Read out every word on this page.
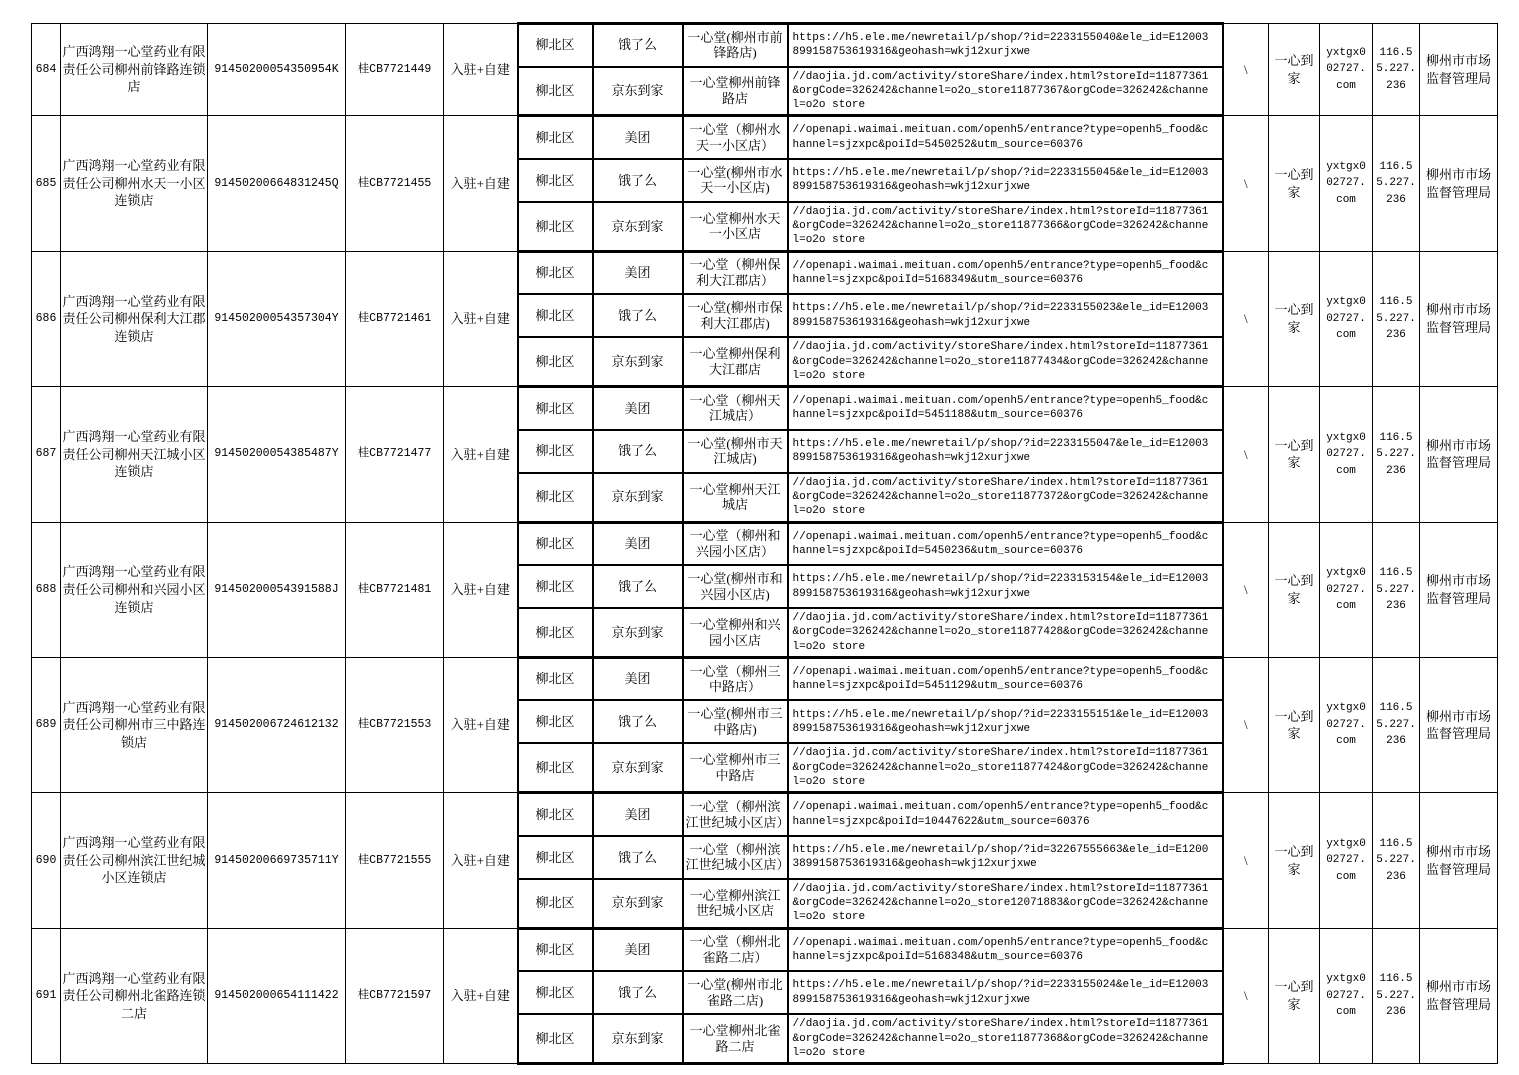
684	广西鸿翔一心堂药业有限责任公司柳州前锋路连锁店	91450200054350954K	桂CB7721449	入驻+自建	柳北区	饿了么	一心堂(柳州市前锋路店)	https://h5.ele.me/newretail/p/shop/?id=2233155040&ele_id=E12003899158753619316&geohash=wkj12xurjxwe	\	一心到家	yxtgx002727.com	116.55.227.236	柳州市市场监督管理局
					柳北区	京东到家	一心堂柳州前锋路店	//daojia.jd.com/activity/storeShare/index.html?storeId=11877361&orgCode=326242&channel=o2o_store11877367&orgCode=326242&channel=o2o store					
685	广西鸿翔一心堂药业有限责任公司柳州水天一小区连锁店	91450200664831245Q	桂CB7721455	入驻+自建	柳北区	美团	一心堂（柳州水天一小区店）	//openapi.waimai.meituan.com/openh5/entrance?type=openh5_food&channel=sjzxpc&poiId=5450252&utm_source=60376	\	一心到家	yxtgx002727.com	116.55.227.236	柳州市市场监督管理局
					柳北区	饿了么	一心堂(柳州市水天一小区店)	https://h5.ele.me/newretail/p/shop/?id=2233155045&ele_id=E12003899158753619316&geohash=wkj12xurjxwe					
					柳北区	京东到家	一心堂柳州水天一小区店	//daojia.jd.com/activity/storeShare/index.html?storeId=11877361&orgCode=326242&channel=o2o_store11877366&orgCode=326242&channel=o2o store					
686	广西鸿翔一心堂药业有限责任公司柳州保利大江郡连锁店	91450200054357304Y	桂CB7721461	入驻+自建	柳北区	美团	一心堂（柳州保利大江郡店）	//openapi.waimai.meituan.com/openh5/entrance?type=openh5_food&channel=sjzxpc&poiId=5168349&utm_source=60376	\	一心到家	yxtgx002727.com	116.55.227.236	柳州市市场监督管理局
					柳北区	饿了么	一心堂(柳州市保利大江郡店)	https://h5.ele.me/newretail/p/shop/?id=2233155023&ele_id=E12003899158753619316&geohash=wkj12xurjxwe					
					柳北区	京东到家	一心堂柳州保利大江郡店	//daojia.jd.com/activity/storeShare/index.html?storeId=11877361&orgCode=326242&channel=o2o_store11877434&orgCode=326242&channel=o2o store					
687	广西鸿翔一心堂药业有限责任公司柳州天江城小区连锁店	91450200054385487Y	桂CB7721477	入驻+自建	柳北区	美团	一心堂（柳州天江城店）	//openapi.waimai.meituan.com/openh5/entrance?type=openh5_food&channel=sjzxpc&poiId=5451188&utm_source=60376	\	一心到家	yxtgx002727.com	116.55.227.236	柳州市市场监督管理局
					柳北区	饿了么	一心堂(柳州市天江城店)	https://h5.ele.me/newretail/p/shop/?id=2233155047&ele_id=E12003899158753619316&geohash=wkj12xurjxwe					
					柳北区	京东到家	一心堂柳州天江城店	//daojia.jd.com/activity/storeShare/index.html?storeId=11877361&orgCode=326242&channel=o2o_store11877372&orgCode=326242&channel=o2o store					
688	广西鸿翔一心堂药业有限责任公司柳州和兴园小区连锁店	91450200054391588J	桂CB7721481	入驻+自建	柳北区	美团	一心堂（柳州和兴园小区店）	//openapi.waimai.meituan.com/openh5/entrance?type=openh5_food&channel=sjzxpc&poiId=5450236&utm_source=60376	\	一心到家	yxtgx002727.com	116.55.227.236	柳州市市场监督管理局
					柳北区	饿了么	一心堂(柳州市和兴园小区店)	https://h5.ele.me/newretail/p/shop/?id=2233153154&ele_id=E12003899158753619316&geohash=wkj12xurjxwe					
					柳北区	京东到家	一心堂柳州和兴园小区店	//daojia.jd.com/activity/storeShare/index.html?storeId=11877361&orgCode=326242&channel=o2o_store11877428&orgCode=326242&channel=o2o store					
689	广西鸿翔一心堂药业有限责任公司柳州市三中路连锁店	914502006724612132	桂CB7721553	入驻+自建	柳北区	美团	一心堂（柳州三中路店）	//openapi.waimai.meituan.com/openh5/entrance?type=openh5_food&channel=sjzxpc&poiId=5451129&utm_source=60376	\	一心到家	yxtgx002727.com	116.55.227.236	柳州市市场监督管理局
					柳北区	饿了么	一心堂(柳州市三中路店)	https://h5.ele.me/newretail/p/shop/?id=2233155151&ele_id=E12003899158753619316&geohash=wkj12xurjxwe					
					柳北区	京东到家	一心堂柳州市三中路店	//daojia.jd.com/activity/storeShare/index.html?storeId=11877361&orgCode=326242&channel=o2o_store11877424&orgCode=326242&channel=o2o store					
690	广西鸿翔一心堂药业有限责任公司柳州滨江世纪城小区连锁店	91450200669735711Y	桂CB7721555	入驻+自建	柳北区	美团	一心堂（柳州滨江世纪城小区店）	//openapi.waimai.meituan.com/openh5/entrance?type=openh5_food&channel=sjzxpc&poiId=10447622&utm_source=60376	\	一心到家	yxtgx002727.com	116.55.227.236	柳州市市场监督管理局
					柳北区	饿了么	一心堂（柳州滨江世纪城小区店）	https://h5.ele.me/newretail/p/shop/?id=32267555663&ele_id=E12003899158753619316&geohash=wkj12xurjxwe					
					柳北区	京东到家	一心堂柳州滨江世纪城小区店	//daojia.jd.com/activity/storeShare/index.html?storeId=11877361&orgCode=326242&channel=o2o_store12071883&orgCode=326242&channel=o2o store					
691	广西鸿翔一心堂药业有限责任公司柳州北雀路连锁二店	914502000654111422	桂CB7721597	入驻+自建	柳北区	美团	一心堂（柳州北雀路二店）	//openapi.waimai.meituan.com/openh5/entrance?type=openh5_food&channel=sjzxpc&poiId=5168348&utm_source=60376	\	一心到家	yxtgx002727.com	116.55.227.236	柳州市市场监督管理局
					柳北区	饿了么	一心堂(柳州市北雀路二店)	https://h5.ele.me/newretail/p/shop/?id=2233155024&ele_id=E12003899158753619316&geohash=wkj12xurjxwe					
					柳北区	京东到家	一心堂柳州北雀路二店	//daojia.jd.com/activity/storeShare/index.html?storeId=11877361&orgCode=326242&channel=o2o_store11877368&orgCode=326242&channel=o2o store					
